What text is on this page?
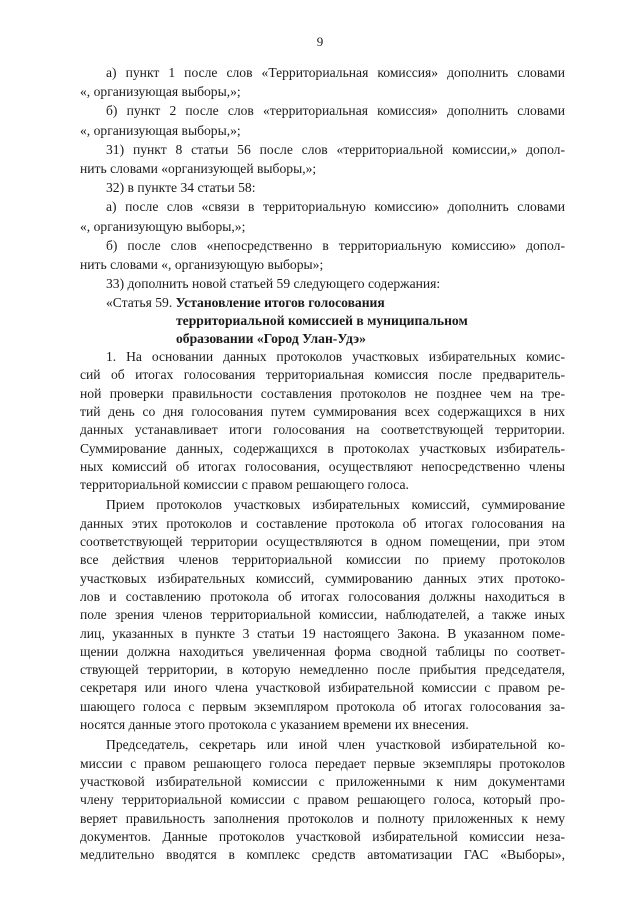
9
а) пункт 1 после слов «Территориальная комиссия» дополнить словами
«, организующая выборы,»;
б) пункт 2 после слов «территориальная комиссия» дополнить словами
«, организующая выборы,»;
31) пункт 8 статьи 56 после слов «территориальной комиссии,» допол-
нить словами «организующей выборы,»;
32) в пункте 34 статьи 58:
а) после слов «связи в территориальную комиссию» дополнить словами
«, организующую выборы,»;
б) после слов «непосредственно в территориальную комиссию» допол-
нить словами «, организующую выборы»;
33) дополнить новой статьей 59 следующего содержания:
«Статья 59. Установление итогов голосования
территориальной комиссией в муниципальном
образовании «Город Улан-Удэ»
1. На основании данных протоколов участковых избирательных комис-
сий об итогах голосования территориальная комиссия после предваритель-
ной проверки правильности составления протоколов не позднее чем на тре-
тий день со дня голосования путем суммирования всех содержащихся в них
данных устанавливает итоги голосования на соответствующей территории.
Суммирование данных, содержащихся в протоколах участковых избиратель-
ных комиссий об итогах голосования, осуществляют непосредственно члены
территориальной комиссии с правом решающего голоса.
Прием протоколов участковых избирательных комиссий, суммирование
данных этих протоколов и составление протокола об итогах голосования на
соответствующей территории осуществляются в одном помещении, при этом
все действия членов территориальной комиссии по приему протоколов
участковых избирательных комиссий, суммированию данных этих протоко-
лов и составлению протокола об итогах голосования должны находиться в
поле зрения членов территориальной комиссии, наблюдателей, а также иных
лиц, указанных в пункте 3 статьи 19 настоящего Закона. В указанном поме-
щении должна находиться увеличенная форма сводной таблицы по соответ-
ствующей территории, в которую немедленно после прибытия председателя,
секретаря или иного члена участковой избирательной комиссии с правом ре-
шающего голоса с первым экземпляром протокола об итогах голосования за-
носятся данные этого протокола с указанием времени их внесения.
Председатель, секретарь или иной член участковой избирательной ко-
миссии с правом решающего голоса передает первые экземпляры протоколов
участковой избирательной комиссии с приложенными к ним документами
члену территориальной комиссии с правом решающего голоса, который про-
веряет правильность заполнения протоколов и полноту приложенных к нему
документов. Данные протоколов участковой избирательной комиссии неза-
медлительно вводятся в комплекс средств автоматизации ГАС «Выборы»,
